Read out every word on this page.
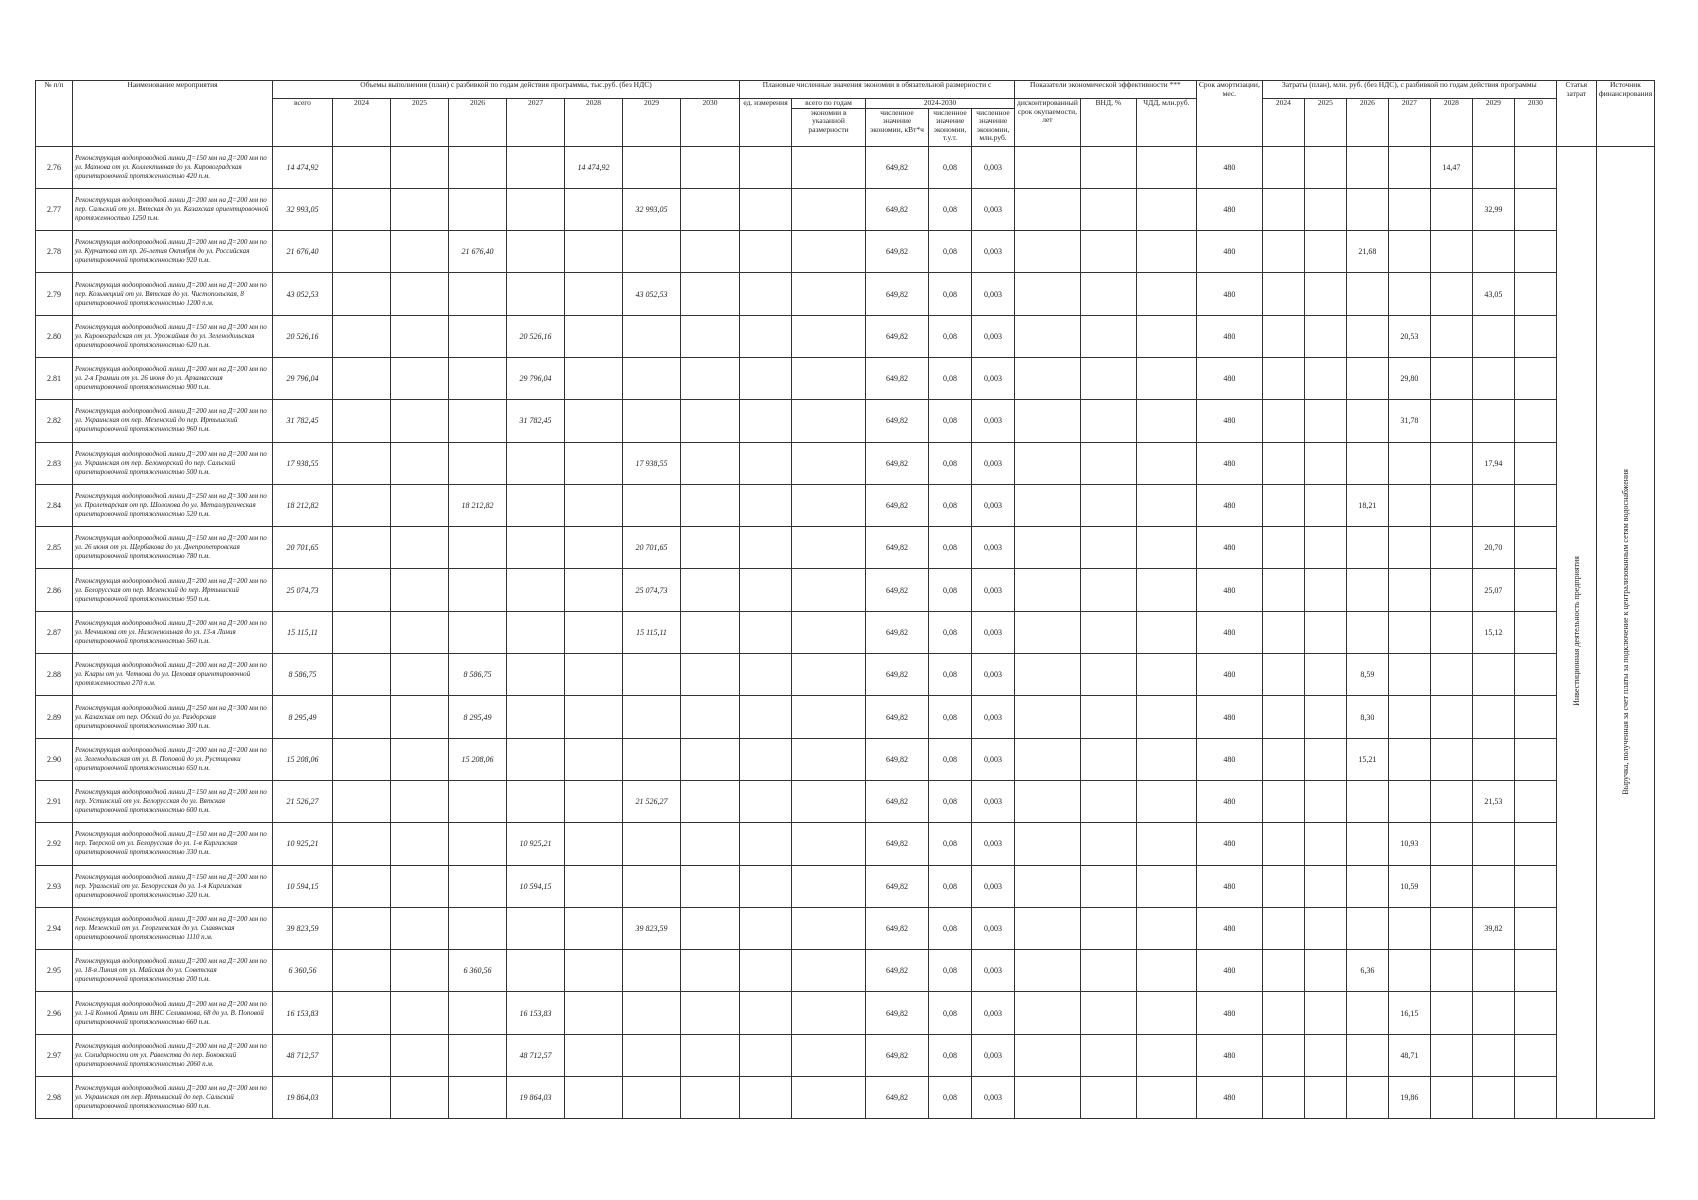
№ п/п	Наименование мероприятия	Объемы выполнения (план) с разбивкой по годам действия программы, тыс.руб. (без НДС)								Плановые численные значения экономии в обязательной размерности с					Показатели экономической эффективности ***			Срок амортизации, мес.	Затраты (план), млн. руб. (без НДС), с разбивкой по годам действия программы							Статья затрат	Источник финансирования
		всего	2024	2025	2026	2027	2028	2029	2030	ед. измерения	всего по годам	2024-2030			дисконтированный срок окупаемости, лет	ВНД, %	ЧДД, млн.руб.		2024	2025	2026	2027	2028	2029	2030		
											экономии в указанной размерности	численное значение экономии, кВт*ч	численное значение экономии, т.у.т.	численное значение экономии, млн.руб.													
2.76	Реконструкция водопроводной линии Д=150 мм на Д=200 мм по ул. Махнова от ул. Коллективная до ул. Кировоградская ориентировочной протяженностью 420 п.м.	14 474,92					14 474,92					649,82	0,08	0,003				480					14,47			Инвестиционная деятельность предприятия	Выручка, полученная за счет платы за подключение к централизованным сетям водоснабжения
2.77	Реконструкция водопроводной линии Д=200 мм на Д=200 мм по пер. Сальский от ул. Вятская до ул. Казахская ориентировочной протяженностью 1250 п.м.	32 993,05						32 993,05				649,82	0,08	0,003				480						32,99			
2.78	Реконструкция водопроводной линии Д=200 мм на Д=200 мм по ул. Курчатова от пр. 26-летия Октября до ул. Российская ориентировочной протяженностью 920 п.м.	21 676,40			21 676,40							649,82	0,08	0,003				480			21,68						
2.79	Реконструкция водопроводной линии Д=200 мм на Д=200 мм по пер. Козьмецкий от ул. Вятская до ул. Чистопольская, 8 ориентировочной протяженностью 1200 п.м.	43 052,53						43 052,53				649,82	0,08	0,003				480						43,05			
2.80	Реконструкция водопроводной линии Д=150 мм на Д=200 мм по ул. Кировоградская от ул. Урожайная до ул. Зеленодольская ориентировочной протяженностью 620 п.м.	20 526,16				20 526,16						649,82	0,08	0,003				480				20,53					
2.81	Реконструкция водопроводной линии Д=200 мм на Д=200 мм по ул. 2-я Грамши от ул. 26 июня до ул. Арзамасская ориентировочной протяженностью 900 п.м.	29 796,04				29 796,04						649,82	0,08	0,003				480				29,80					
2.82	Реконструкция водопроводной линии Д=200 мм на Д=200 мм по ул. Украинская от пер. Мезенский до пер. Иртышский ориентировочной протяженностью 960 п.м.	31 782,45				31 782,45						649,82	0,08	0,003				480				31,78					
2.83	Реконструкция водопроводной линии Д=200 мм на Д=200 мм по ул. Украинская от пер. Беломорский до пер. Сальский ориентировочной протяженностью 500 п.м.	17 938,55						17 938,55				649,82	0,08	0,003				480						17,94			
2.84	Реконструкция водопроводной линии Д=250 мм на Д=300 мм по ул. Пролетарская от пр. Шолохова до ул. Металлургическая ориентировочной протяженностью 520 п.м.	18 212,82			18 212,82							649,82	0,08	0,003				480			18,21						
2.85	Реконструкция водопроводной линии Д=150 мм на Д=200 мм по ул. 26 июня от ул. Щербакова до ул. Днепропетровская ориентировочной протяженностью 780 п.м.	20 701,65						20 701,65				649,82	0,08	0,003				480						20,70			
2.86	Реконструкция водопроводной линии Д=200 мм на Д=200 мм по ул. Белорусская от пер. Мезенский до пер. Иртышский ориентировочной протяженностью 950 п.м.	25 074,73						25 074,73				649,82	0,08	0,003				480						25,07			
2.87	Реконструкция водопроводной линии Д=200 мм на Д=200 мм по ул. Мечникова от ул. Нижненольная до ул. 13-я Линия ориентировочной протяженностью 560 п.м.	15 115,11						15 115,11				649,82	0,08	0,003				480						15,12			
2.88	Реконструкция водопроводной линии Д=200 мм на Д=200 мм по ул. Клары от ул. Четвова до ул. Цеховая ориентировочной протяженностью 270 п.м.	8 586,75			8 586,75							649,82	0,08	0,003				480			8,59						
2.89	Реконструкция водопроводной линии Д=250 мм на Д=300 мм по ул. Казахская от пер. Обский до ул. Раздорская ориентировочной протяженностью 300 п.м.	8 295,49			8 295,49							649,82	0,08	0,003				480			8,30						
2.90	Реконструкция водопроводной линии Д=200 мм на Д=200 мм по ул. Зеленодольская от ул. В. Поповой до ул. Рустицевки ориентировочной протяженностью 650 п.м.	15 208,06			15 208,06							649,82	0,08	0,003				480			15,21						
2.91	Реконструкция водопроводной линии Д=150 мм на Д=200 мм по пер. Устинский от ул. Белорусская до ул. Вятская ориентировочной протяженностью 600 п.м.	21 526,27						21 526,27				649,82	0,08	0,003				480						21,53			
2.92	Реконструкция водопроводной линии Д=150 мм на Д=200 мм по пер. Тверской от ул. Белорусская до ул. 1-я Киргизская ориентировочной протяженностью 330 п.м.	10 925,21				10 925,21						649,82	0,08	0,003				480				10,93					
2.93	Реконструкция водопроводной линии Д=150 мм на Д=200 мм по пер. Уральский от ул. Белорусская до ул. 1-я Киргизская ориентировочной протяженностью 320 п.м.	10 594,15				10 594,15						649,82	0,08	0,003				480				10,59					
2.94	Реконструкция водопроводной линии Д=200 мм на Д=200 мм по пер. Мезенский от ул. Георгиевская до ул. Славянская ориентировочной протяженностью 1110 п.м.	39 823,59						39 823,59				649,82	0,08	0,003				480						39,82			
2.95	Реконструкция водопроводной линии Д=200 мм на Д=200 мм по ул. 18-я Линия от ул. Майская до ул. Советская ориентировочной протяженностью 200 п.м.	6 360,56			6 360,56							649,82	0,08	0,003				480			6,36						
2.96	Реконструкция водопроводной линии Д=200 мм на Д=200 мм по ул. 1-й Конной Армии от ВНС Селиванова, 68 до ул. В. Поповой ориентировочной протяженностью 660 п.м.	16 153,83				16 153,83						649,82	0,08	0,003				480				16,15					
2.97	Реконструкция водопроводной линии Д=200 мм на Д=200 мм по ул. Солидарности от ул. Равенства до пер. Боковский ориентировочной протяженностью 2060 п.м.	48 712,57				48 712,57						649,82	0,08	0,003				480				48,71					
2.98	Реконструкция водопроводной линии Д=200 мм на Д=200 мм по ул. Украинская от пер. Иртышский до пер. Сальский ориентировочной протяженностью 600 п.м.	19 864,03				19 864,03						649,82	0,08	0,003				480				19,86					
